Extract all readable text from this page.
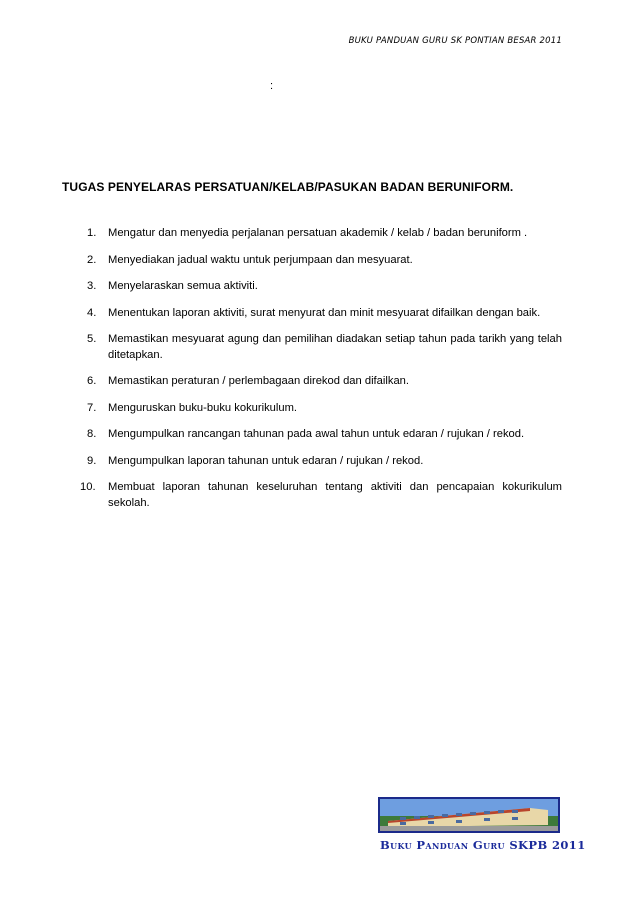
BUKU PANDUAN GURU SK PONTIAN BESAR 2011
:
TUGAS PENYELARAS PERSATUAN/KELAB/PASUKAN BADAN BERUNIFORM.
1. Mengatur dan menyedia perjalanan persatuan akademik / kelab / badan beruniform .
2. Menyediakan jadual waktu untuk perjumpaan dan mesyuarat.
3. Menyelaraskan semua aktiviti.
4. Menentukan laporan aktiviti, surat menyurat dan minit mesyuarat difailkan dengan baik.
5. Memastikan mesyuarat agung dan pemilihan diadakan setiap tahun pada tarikh yang telah ditetapkan.
6. Memastikan peraturan / perlembagaan direkod dan difailkan.
7. Menguruskan buku-buku kokurikulum.
8. Mengumpulkan rancangan tahunan pada awal tahun untuk edaran / rujukan / rekod.
9. Mengumpulkan laporan tahunan untuk edaran / rujukan / rekod.
10. Membuat laporan tahunan keseluruhan tentang aktiviti dan pencapaian kokurikulum sekolah.
Buku Panduan Guru SKPB 2011
